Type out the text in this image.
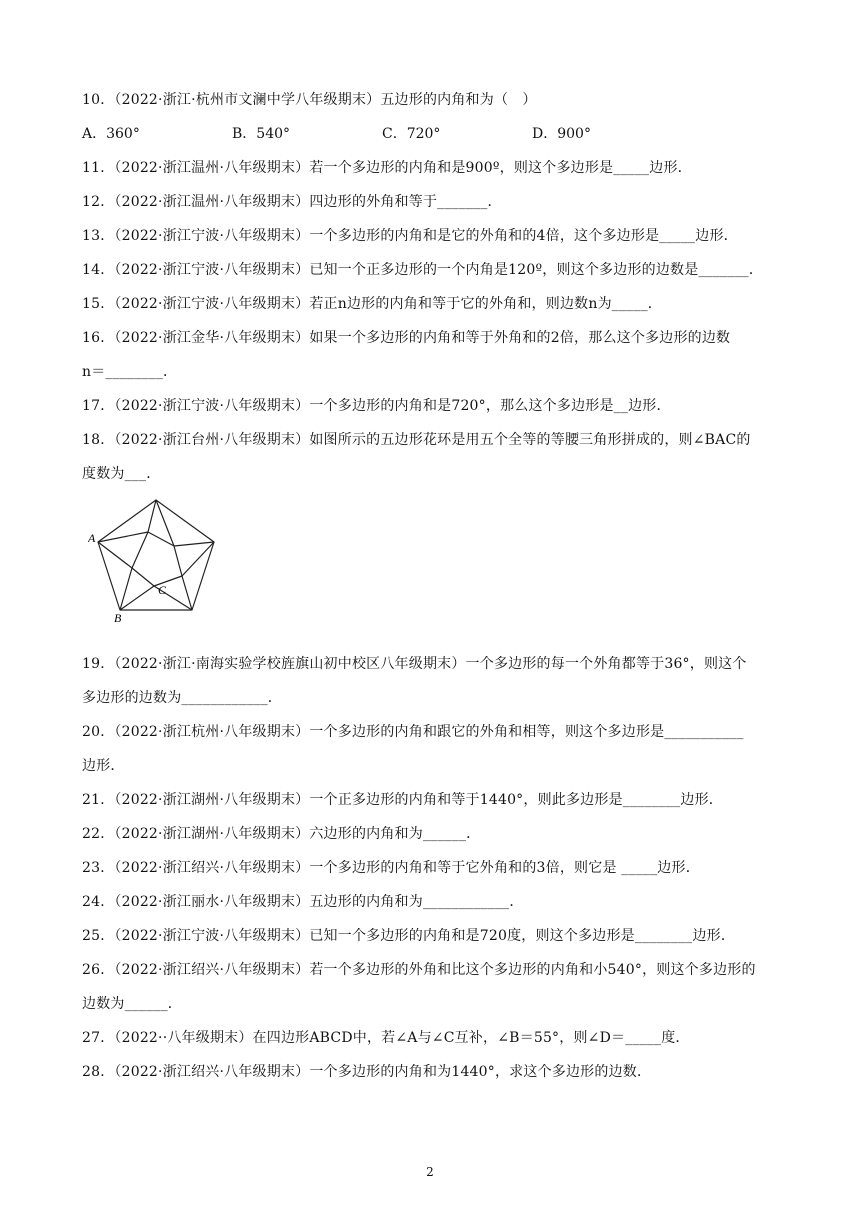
10．（2022·浙江·杭州市文澜中学八年级期末）五边形的内角和为（　）
A．360°	B．540°	C．720°	D．900°
11．（2022·浙江温州·八年级期末）若一个多边形的内角和是900º，则这个多边形是_____边形．
12．（2022·浙江温州·八年级期末）四边形的外角和等于_______．
13．（2022·浙江宁波·八年级期末）一个多边形的内角和是它的外角和的4倍，这个多边形是_____边形．
14．（2022·浙江宁波·八年级期末）已知一个正多边形的一个内角是120º，则这个多边形的边数是_______．
15．（2022·浙江宁波·八年级期末）若正n边形的内角和等于它的外角和，则边数n为_____．
16．（2022·浙江金华·八年级期末）如果一个多边形的内角和等于外角和的2倍，那么这个多边形的边数
n＝________．
17．（2022·浙江宁波·八年级期末）一个多边形的内角和是720°，那么这个多边形是__边形．
18．（2022·浙江台州·八年级期末）如图所示的五边形花环是用五个全等的等腰三角形拼成的，则∠BAC的
度数为___．
A
B
C
19．（2022·浙江·南海实验学校旌旗山初中校区八年级期末）一个多边形的每一个外角都等于36°，则这个
多边形的边数为____________．
20．（2022·浙江杭州·八年级期末）一个多边形的内角和跟它的外角和相等，则这个多边形是___________
边形．
21．（2022·浙江湖州·八年级期末）一个正多边形的内角和等于1440°，则此多边形是________边形．
22．（2022·浙江湖州·八年级期末）六边形的内角和为______．
23．（2022·浙江绍兴·八年级期末）一个多边形的内角和等于它外角和的3倍，则它是 _____边形．
24．（2022·浙江丽水·八年级期末）五边形的内角和为____________．
25．（2022·浙江宁波·八年级期末）已知一个多边形的内角和是720度，则这个多边形是________边形．
26．（2022·浙江绍兴·八年级期末）若一个多边形的外角和比这个多边形的内角和小540°，则这个多边形的
边数为______．
27．（2022··八年级期末）在四边形ABCD中，若∠A与∠C互补，∠B＝55°，则∠D＝_____度．
28．（2022·浙江绍兴·八年级期末）一个多边形的内角和为1440°，求这个多边形的边数．
2
